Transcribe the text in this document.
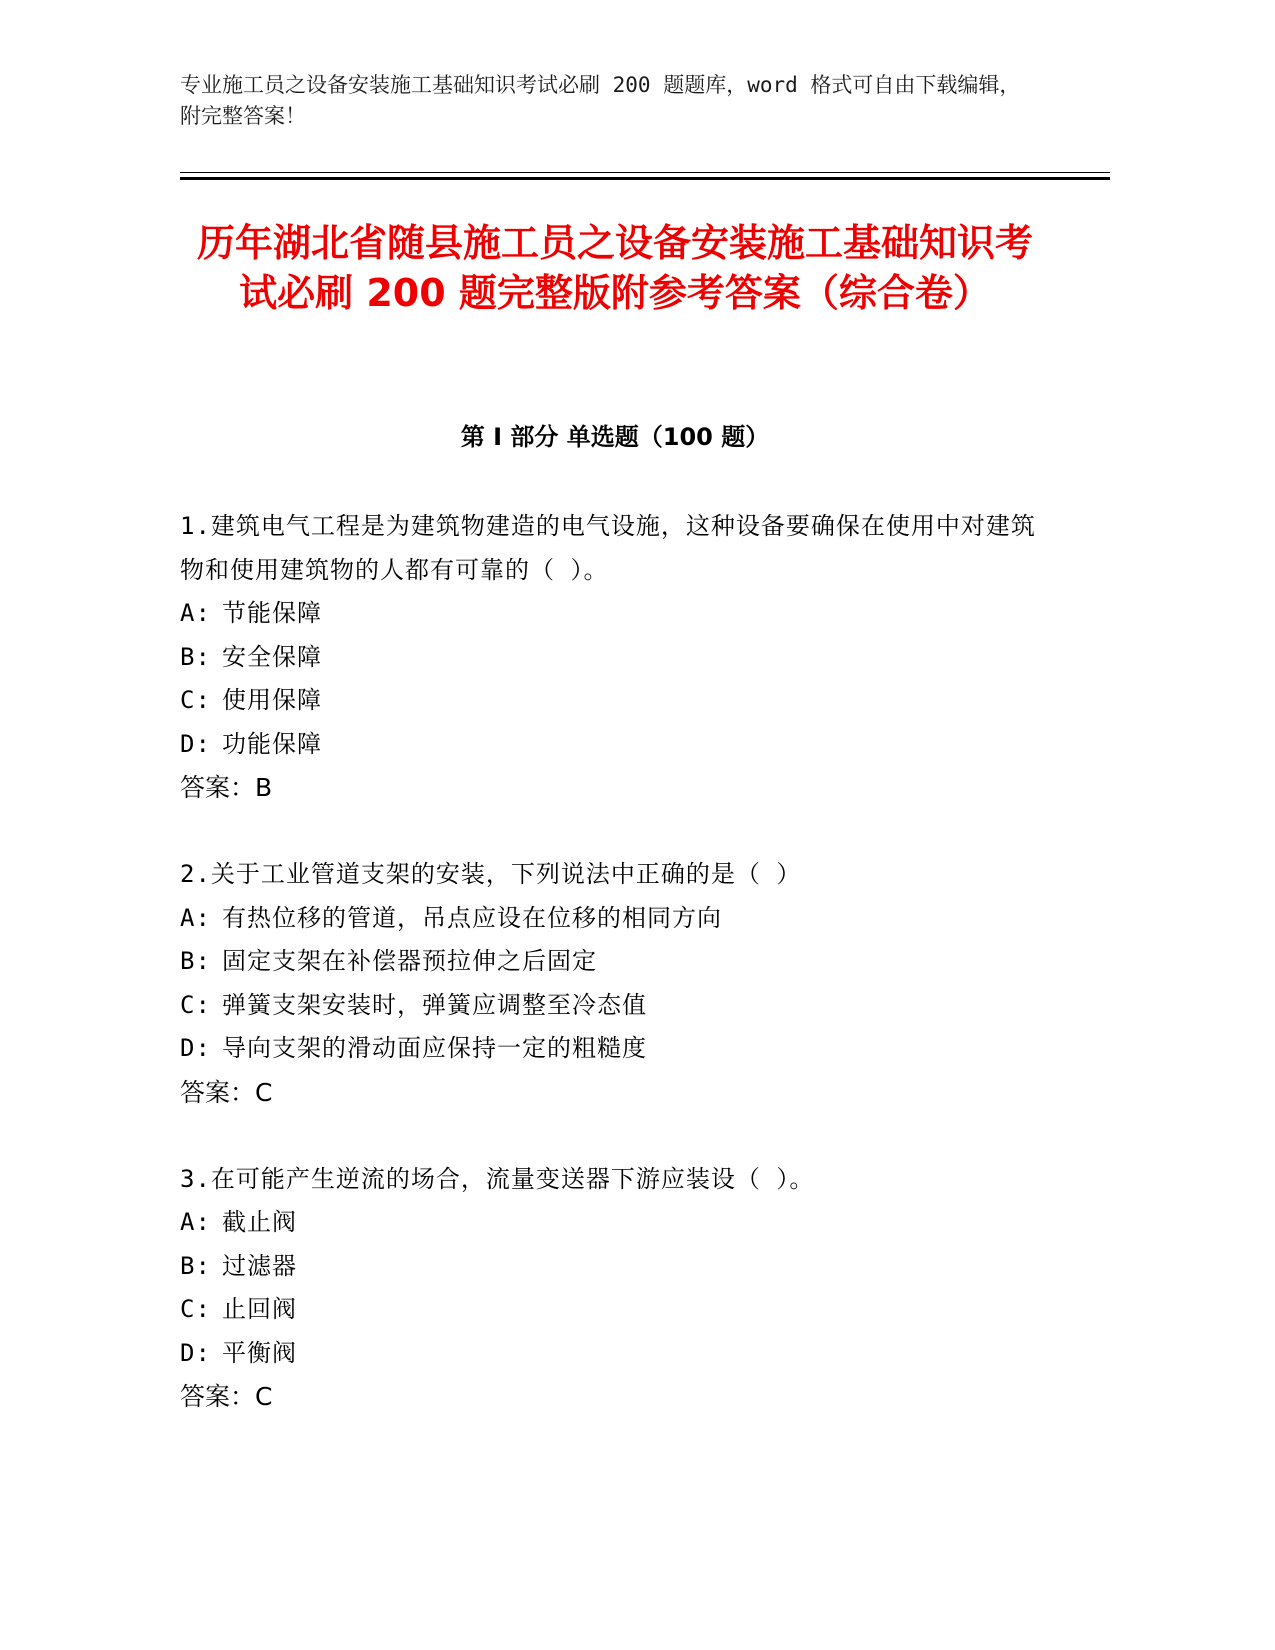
专业施工员之设备安装施工基础知识考试必刷 200 题题库，word 格式可自由下载编辑，附完整答案！
历年湖北省随县施工员之设备安装施工基础知识考试必刷 200 题完整版附参考答案（综合卷）
第 I 部分 单选题（100 题）
1.建筑电气工程是为建筑物建造的电气设施，这种设备要确保在使用中对建筑物和使用建筑物的人都有可靠的（ ）。
A: 节能保障
B: 安全保障
C: 使用保障
D: 功能保障
答案：B
2.关于工业管道支架的安装，下列说法中正确的是（ ）
A: 有热位移的管道，吊点应设在位移的相同方向
B: 固定支架在补偿器预拉伸之后固定
C: 弹簧支架安装时，弹簧应调整至冷态值
D: 导向支架的滑动面应保持一定的粗糙度
答案：C
3.在可能产生逆流的场合，流量变送器下游应装设（ ）。
A: 截止阀
B: 过滤器
C: 止回阀
D: 平衡阀
答案：C
